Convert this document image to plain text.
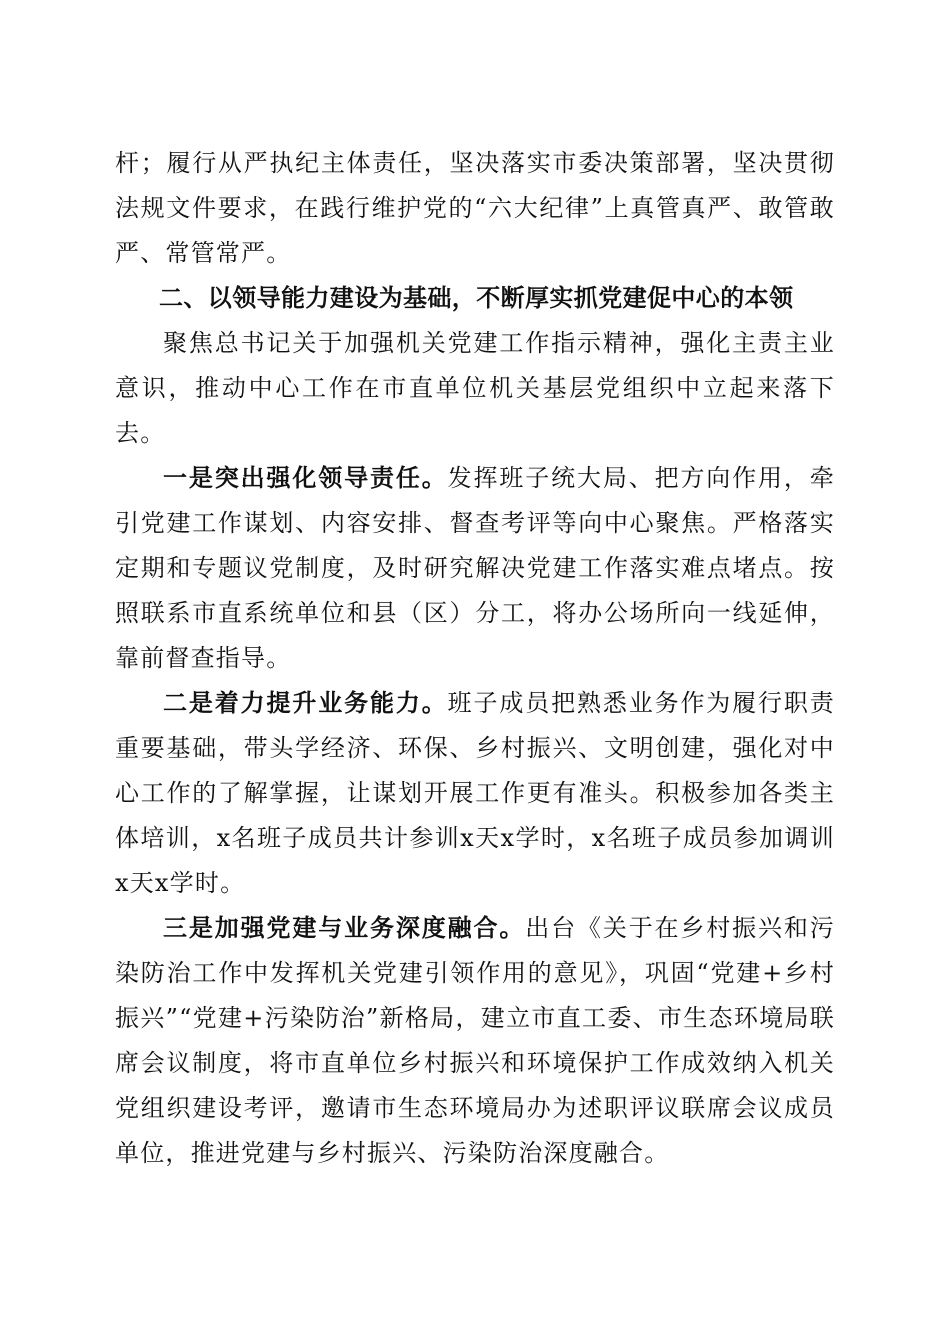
杆；履行从严执纪主体责任，坚决落实市委决策部署，坚决贯彻法规文件要求，在践行维护党的“六大纪律”上真管真严、敢管敢严、常管常严。

二、以领导能力建设为基础，不断厚实抓党建促中心的本领

聚焦总书记关于加强机关党建工作指示精神，强化主责主业意识，推动中心工作在市直单位机关基层党组织中立起来落下去。

一是突出强化领导责任。发挥班子统大局、把方向作用，牵引党建工作谋划、内容安排、督查考评等向中心聚焦。严格落实定期和专题议党制度，及时研究解决党建工作落实难点堵点。按照联系市直系统单位和县（区）分工，将办公场所向一线延伸，靠前督查指导。

二是着力提升业务能力。班子成员把熟悉业务作为履行职责重要基础，带头学经济、环保、乡村振兴、文明创建，强化对中心工作的了解掌握，让谋划开展工作更有准头。积极参加各类主体培训，x名班子成员共计参训x天x学时，x名班子成员参加调训x天x学时。

三是加强党建与业务深度融合。出台《关于在乡村振兴和污染防治工作中发挥机关党建引领作用的意见》，巩固“党建+乡村振兴”“党建+污染防治”新格局，建立市直工委、市生态环境局联席会议制度，将市直单位乡村振兴和环境保护工作成效纳入机关党组织建设考评，邀请市生态环境局办为述职评议联席会议成员单位，推进党建与乡村振兴、污染防治深度融合。
